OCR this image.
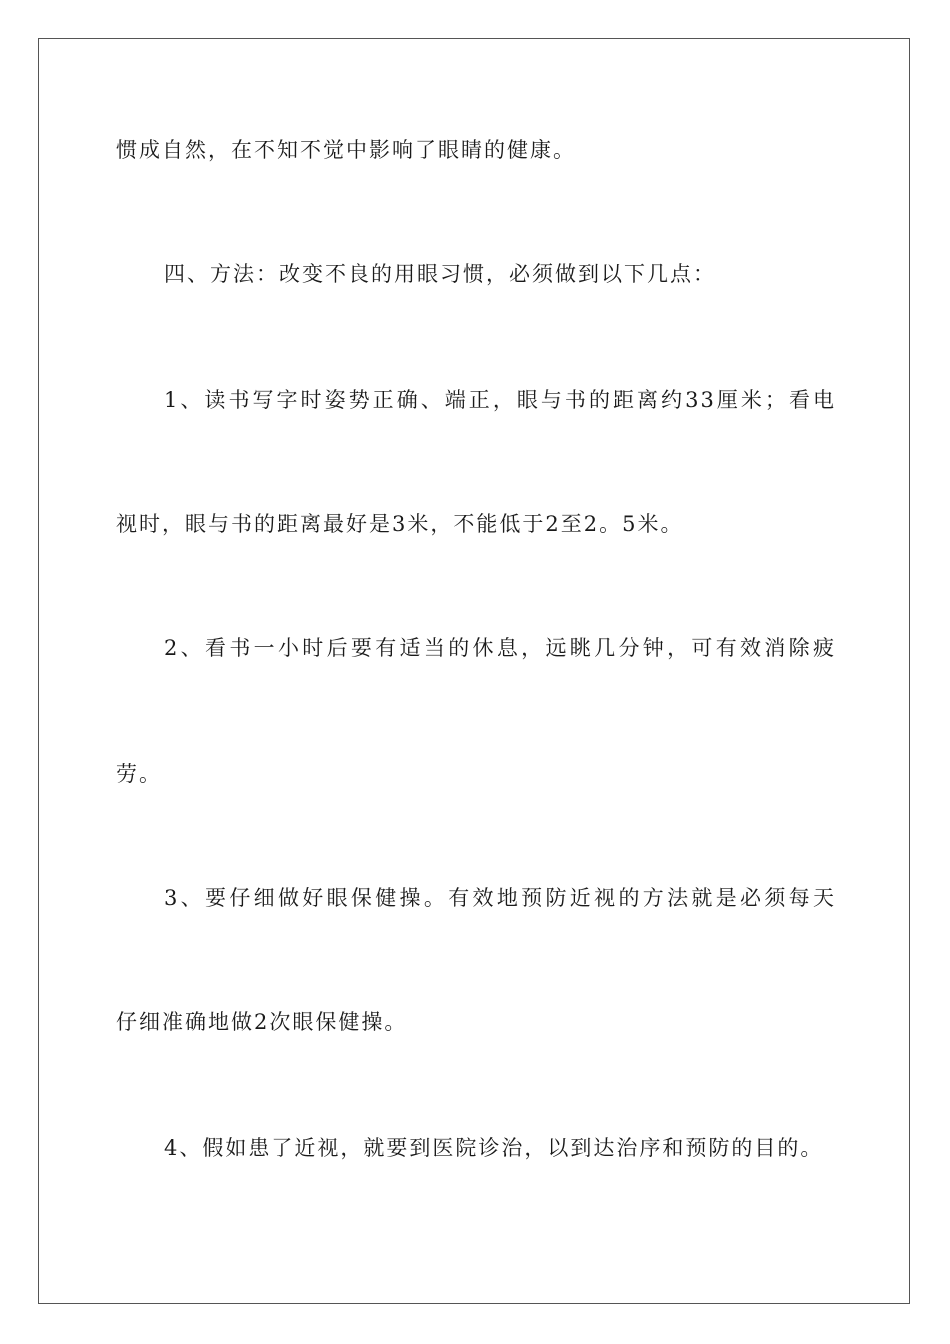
惯成自然，在不知不觉中影响了眼睛的健康。
四、方法：改变不良的用眼习惯，必须做到以下几点：
1、读书写字时姿势正确、端正，眼与书的距离约33厘米；看电
视时，眼与书的距离最好是3米，不能低于2至2。5米。
2、看书一小时后要有适当的休息，远眺几分钟，可有效消除疲
劳。
3、要仔细做好眼保健操。有效地预防近视的方法就是必须每天
仔细准确地做2次眼保健操。
4、假如患了近视，就要到医院诊治，以到达治序和预防的目的。
